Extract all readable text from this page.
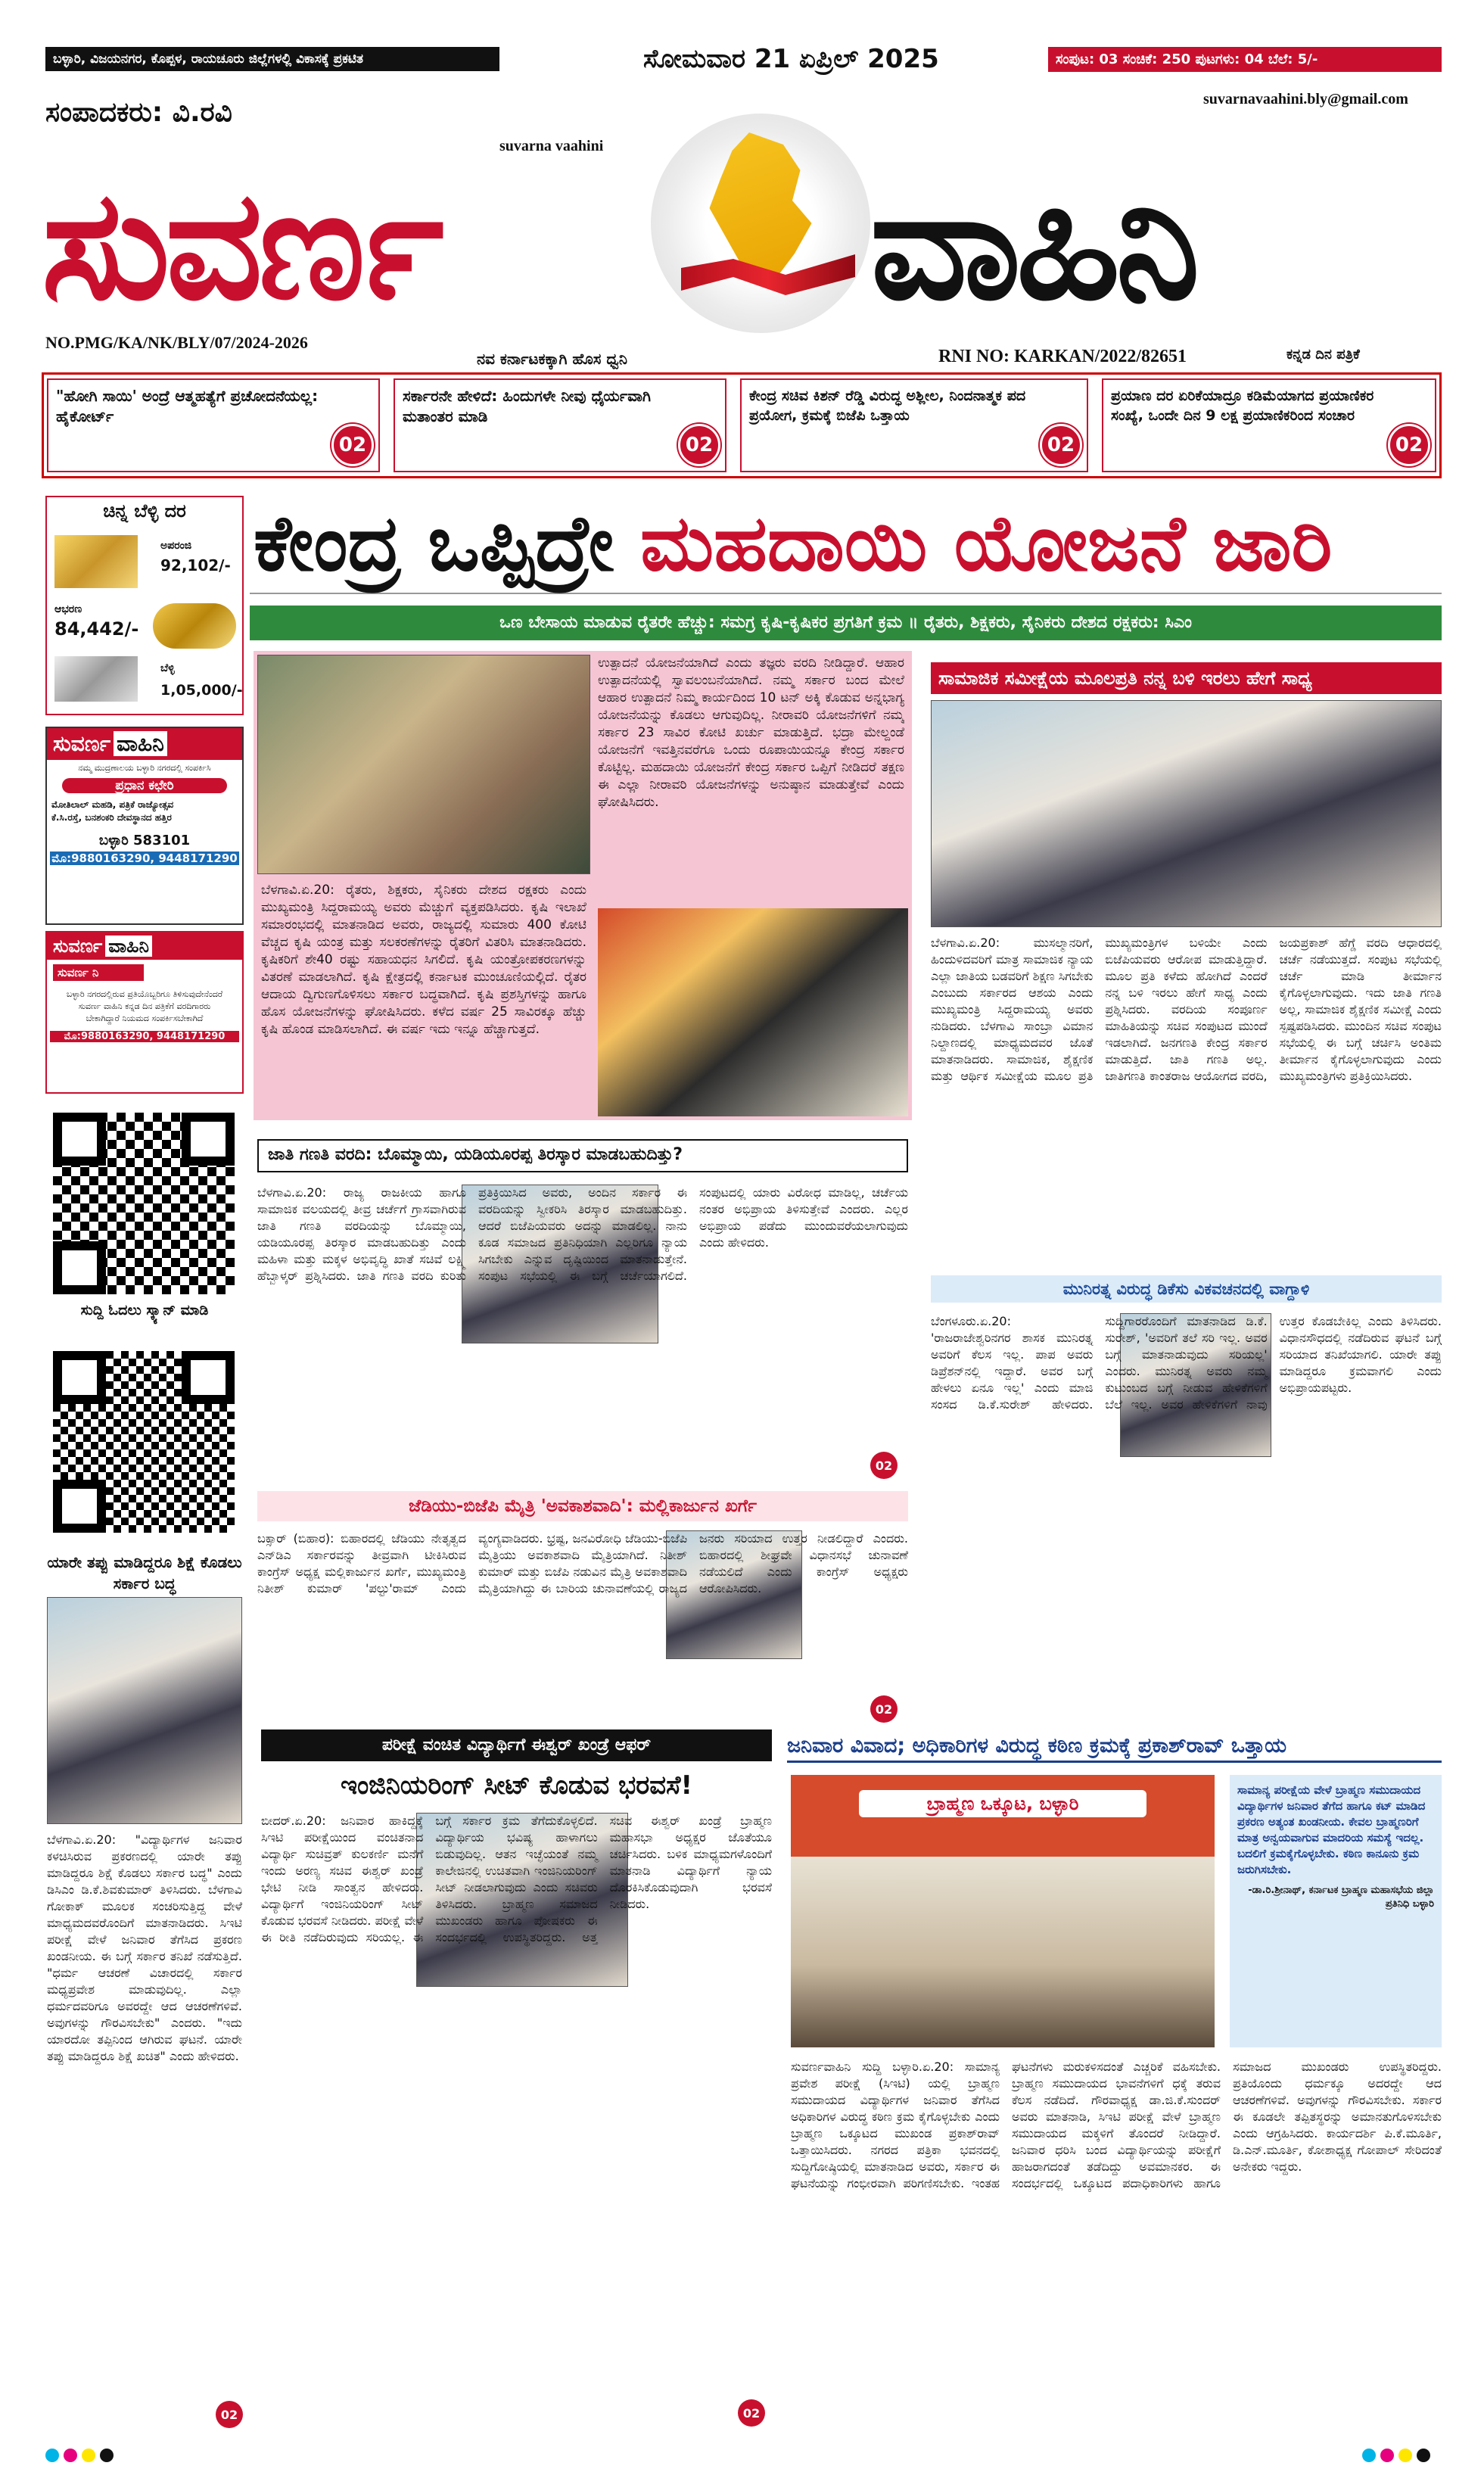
ಬಳ್ಳಾರಿ, ವಿಜಯನಗರ, ಕೊಪ್ಪಳ, ರಾಯಚೂರು ಜಿಲ್ಲೆಗಳಲ್ಲಿ ವಿಕಾಸಕ್ಕೆ ಪ್ರಕಟಿತ	ಸೋಮವಾರ 21 ಏಪ್ರಿಲ್ 2025	ಸಂಪುಟ: 03 ಸಂಚಿಕೆ: 250 ಪುಟಗಳು: 04 ಬೆಲೆ: 5/-
ಸಂಪಾದಕರು: ವಿ.ರವಿ	suvarnavaahini.bly@gmail.com
suvarna vaahini
ಸುವರ್ಣ	ವಾಹಿನಿ
ಕನ್ನಡ ದಿನ ಪತ್ರಿಕೆ
NO.PMG/KA/NK/BLY/07/2024-2026
ನವ ಕರ್ನಾಟಕಕ್ಕಾಗಿ ಹೊಸ ಧ್ವನಿ	RNI NO: KARKAN/2022/82651
"ಹೋಗಿ ಸಾಯಿ' ಅಂದ್ರೆ ಆತ್ಮಹತ್ಯೆಗೆ ಪ್ರಚೋದನೆಯಲ್ಲ: ಹೈಕೋರ್ಟ್
02
ಸರ್ಕಾರನೇ ಹೇಳಿದೆ: ಹಿಂದುಗಳೇ ನೀವು ಧೈರ್ಯವಾಗಿ ಮತಾಂತರ ಮಾಡಿ
02
ಕೇಂದ್ರ ಸಚಿವ ಕಿಶನ್ ರೆಡ್ಡಿ ವಿರುದ್ಧ ಅಶ್ಲೀಲ, ನಿಂದನಾತ್ಮಕ ಪದ ಪ್ರಯೋಗ, ಕ್ರಮಕ್ಕೆ ಬಿಜೆಪಿ ಒತ್ತಾಯ
02
ಪ್ರಯಾಣ ದರ ಏರಿಕೆಯಾದ್ರೂ ಕಡಿಮೆಯಾಗದ ಪ್ರಯಾಣಿಕರ ಸಂಖ್ಯೆ, ಒಂದೇ ದಿನ 9 ಲಕ್ಷ ಪ್ರಯಾಣಿಕರಿಂದ ಸಂಚಾರ
02
ಚಿನ್ನ ಬೆಳ್ಳಿ ದರ
ಅಪರಂಜಿ
92,102/-
ಆಭರಣ
84,442/-
ಬೆಳ್ಳಿ
1,05,000/-
ಸುವರ್ಣ ವಾಹಿನಿ
ನಮ್ಮ ಮುದ್ರಣಾಲಯ ಬಳ್ಳಾರಿ ನಗರದಲ್ಲಿ ಸಂಪರ್ಕಿಸಿ
ಪ್ರಧಾನ ಕಛೇರಿ
ಮೋತಿಲಾಲ್ ಮಹಡಿ, ಪತ್ರಿಕೆ ರಾಜ್ಯೋತ್ಸವ
ಕೆ.ಸಿ.ರಸ್ತೆ, ಬನಶಂಕರಿ ದೇವಸ್ಥಾನದ ಹತ್ತಿರ
ಬಳ್ಳಾರಿ 583101
ಮೊ:9880163290, 9448171290
ಸುವರ್ಣ ವಾಹಿನಿ
ಸುವರ್ಣ ನಿ
ಬಳ್ಳಾರಿ ನಗರದಲ್ಲಿರುವ ಪ್ರತಿಯೊಬ್ಬರಿಗೂ ತಿಳಿಸುವುದೇನೆಂದರೆ ಸುವರ್ಣ ವಾಹಿನಿ ಕನ್ನಡ ದಿನ ಪತ್ರಿಕೆಗೆ ವರದಿಗಾರರು ಬೇಕಾಗಿದ್ದಾರೆ ನಿಯಮದ ಸಂಪರ್ಕಿಸಬೇಕಾಗಿದೆ
ಮೊ:9880163290, 9448171290
ಸುದ್ದಿ ಓದಲು ಸ್ಕ್ಯಾನ್ ಮಾಡಿ
ಯಾರೇ ತಪ್ಪು ಮಾಡಿದ್ದರೂ ಶಿಕ್ಷೆ ಕೊಡಲು ಸರ್ಕಾರ ಬದ್ಧ
ಬೆಳಗಾವಿ.ಏ.20: "ವಿದ್ಯಾರ್ಥಿಗಳ ಜನಿವಾರ ಕಳಚಿಸಿರುವ ಪ್ರಕರಣದಲ್ಲಿ ಯಾರೇ ತಪ್ಪು ಮಾಡಿದ್ದರೂ ಶಿಕ್ಷೆ ಕೊಡಲು ಸರ್ಕಾರ ಬದ್ಧ" ಎಂದು ಡಿಸಿಎಂ ಡಿ.ಕೆ.ಶಿವಕುಮಾರ್ ತಿಳಿಸಿದರು. ಬೆಳಗಾವಿ ಗೋಕಾಕ್ ಮೂಲಕ ಸಂಚರಿಸುತ್ತಿದ್ದ ವೇಳೆ ಮಾಧ್ಯಮದವರೊಂದಿಗೆ ಮಾತನಾಡಿದರು. ಸಿಇಟಿ ಪರೀಕ್ಷೆ ವೇಳೆ ಜನಿವಾರ ತೆಗೆಸಿದ ಪ್ರಕರಣ ಖಂಡನೀಯ. ಈ ಬಗ್ಗೆ ಸರ್ಕಾರ ತನಿಖೆ ನಡೆಸುತ್ತಿದೆ. "ಧರ್ಮ ಆಚರಣೆ ವಿಚಾರದಲ್ಲಿ ಸರ್ಕಾರ ಮಧ್ಯಪ್ರವೇಶ ಮಾಡುವುದಿಲ್ಲ. ಎಲ್ಲಾ ಧರ್ಮದವರಿಗೂ ಅವರದ್ದೇ ಆದ ಆಚರಣೆಗಳಿವೆ. ಅವುಗಳನ್ನು ಗೌರವಿಸಬೇಕು" ಎಂದರು. "ಇದು ಯಾರದೋ ತಪ್ಪಿನಿಂದ ಆಗಿರುವ ಘಟನೆ. ಯಾರೇ ತಪ್ಪು ಮಾಡಿದ್ದರೂ ಶಿಕ್ಷೆ ಖಚಿತ" ಎಂದು ಹೇಳಿದರು.
02
ಕೇಂದ್ರ ಒಪ್ಪಿದ್ರೇ ಮಹದಾಯಿ ಯೋಜನೆ ಜಾರಿ
ಒಣ ಬೇಸಾಯ ಮಾಡುವ ರೈತರೇ ಹೆಚ್ಚು: ಸಮಗ್ರ ಕೃಷಿ-ಕೃಷಿಕರ ಪ್ರಗತಿಗೆ ಕ್ರಮ ॥ ರೈತರು, ಶಿಕ್ಷಕರು, ಸೈನಿಕರು ದೇಶದ ರಕ್ಷಕರು: ಸಿಎಂ
ಬೆಳಗಾವಿ.ಏ.20: ರೈತರು, ಶಿಕ್ಷಕರು, ಸೈನಿಕರು ದೇಶದ ರಕ್ಷಕರು ಎಂದು ಮುಖ್ಯಮಂತ್ರಿ ಸಿದ್ದರಾಮಯ್ಯ ಅವರು ಮೆಚ್ಚುಗೆ ವ್ಯಕ್ತಪಡಿಸಿದರು. ಕೃಷಿ ಇಲಾಖೆ ಸಮಾರಂಭದಲ್ಲಿ ಮಾತನಾಡಿದ ಅವರು, ರಾಜ್ಯದಲ್ಲಿ ಸುಮಾರು 400 ಕೋಟಿ ವೆಚ್ಚದ ಕೃಷಿ ಯಂತ್ರ ಮತ್ತು ಸಲಕರಣೆಗಳನ್ನು ರೈತರಿಗೆ ವಿತರಿಸಿ ಮಾತನಾಡಿದರು. ಕೃಷಿಕರಿಗೆ ಶೇ40 ರಷ್ಟು ಸಹಾಯಧನ ಸಿಗಲಿದೆ. ಕೃಷಿ ಯಂತ್ರೋಪಕರಣಗಳನ್ನು ವಿತರಣೆ ಮಾಡಲಾಗಿದೆ. ಕೃಷಿ ಕ್ಷೇತ್ರದಲ್ಲಿ ಕರ್ನಾಟಕ ಮುಂಚೂಣಿಯಲ್ಲಿದೆ. ರೈತರ ಆದಾಯ ದ್ವಿಗುಣಗೊಳಿಸಲು ಸರ್ಕಾರ ಬದ್ಧವಾಗಿದೆ. ಕೃಷಿ ಪ್ರಶಸ್ತಿಗಳನ್ನು ಹಾಗೂ ಹೊಸ ಯೋಜನೆಗಳನ್ನು ಘೋಷಿಸಿದರು. ಕಳೆದ ವರ್ಷ 25 ಸಾವಿರಕ್ಕೂ ಹೆಚ್ಚು ಕೃಷಿ ಹೊಂಡ ಮಾಡಿಸಲಾಗಿದೆ. ಈ ವರ್ಷ ಇದು ಇನ್ನೂ ಹೆಚ್ಚಾಗುತ್ತದೆ.
ಉತ್ಪಾದನೆ ಯೋಜನೆಯಾಗಿದೆ ಎಂದು ತಜ್ಞರು ವರದಿ ನೀಡಿದ್ದಾರೆ. ಆಹಾರ ಉತ್ಪಾದನೆಯಲ್ಲಿ ಸ್ವಾವಲಂಬನೆಯಾಗಿದೆ. ನಮ್ಮ ಸರ್ಕಾರ ಬಂದ ಮೇಲೆ ಆಹಾರ ಉತ್ಪಾದನೆ ನಿಮ್ಮ ಕಾರ್ಯದಿಂದ 10 ಟನ್ ಅಕ್ಕಿ ಕೊಡುವ ಅನ್ನಭಾಗ್ಯ ಯೋಜನೆಯನ್ನು ಕೊಡಲು ಆಗುವುದಿಲ್ಲ. ನೀರಾವರಿ ಯೋಜನೆಗಳಿಗೆ ನಮ್ಮ ಸರ್ಕಾರ 23 ಸಾವಿರ ಕೋಟಿ ಖರ್ಚು ಮಾಡುತ್ತಿದೆ. ಭದ್ರಾ ಮೇಲ್ದಂಡೆ ಯೋಜನೆಗೆ ಇವತ್ತಿನವರೆಗೂ ಒಂದು ರೂಪಾಯಿಯನ್ನೂ ಕೇಂದ್ರ ಸರ್ಕಾರ ಕೊಟ್ಟಿಲ್ಲ. ಮಹದಾಯಿ ಯೋಜನೆಗೆ ಕೇಂದ್ರ ಸರ್ಕಾರ ಒಪ್ಪಿಗೆ ನೀಡಿದರೆ ತಕ್ಷಣ ಈ ಎಲ್ಲಾ ನೀರಾವರಿ ಯೋಜನೆಗಳನ್ನು ಅನುಷ್ಠಾನ ಮಾಡುತ್ತೇವೆ ಎಂದು ಘೋಷಿಸಿದರು.
ಸಾಮಾಜಿಕ ಸಮೀಕ್ಷೆಯ ಮೂಲಪ್ರತಿ ನನ್ನ ಬಳಿ ಇರಲು ಹೇಗೆ ಸಾಧ್ಯ
ಬೆಳಗಾವಿ.ಏ.20: ಮುಸಲ್ಮಾನರಿಗೆ, ಹಿಂದುಳಿದವರಿಗೆ ಮಾತ್ರ ಸಾಮಾಜಿಕ ನ್ಯಾಯ ಎಲ್ಲಾ ಜಾತಿಯ ಬಡವರಿಗೆ ಶಿಕ್ಷಣ ಸಿಗಬೇಕು ಎಂಬುದು ಸರ್ಕಾರದ ಆಶಯ ಎಂದು ಮುಖ್ಯಮಂತ್ರಿ ಸಿದ್ದರಾಮಯ್ಯ ಅವರು ನುಡಿದರು. ಬೆಳಗಾವಿ ಸಾಂಬ್ರಾ ವಿಮಾನ ನಿಲ್ದಾಣದಲ್ಲಿ ಮಾಧ್ಯಮದವರ ಜೊತೆ ಮಾತನಾಡಿದರು. ಸಾಮಾಜಿಕ, ಶೈಕ್ಷಣಿಕ ಮತ್ತು ಆರ್ಥಿಕ ಸಮೀಕ್ಷೆಯ ಮೂಲ ಪ್ರತಿ ಮುಖ್ಯಮಂತ್ರಿಗಳ ಬಳಿಯೇ ಎಂದು ಬಿಜೆಪಿಯವರು ಆರೋಪ ಮಾಡುತ್ತಿದ್ದಾರೆ. ಮೂಲ ಪ್ರತಿ ಕಳೆದು ಹೋಗಿದೆ ಎಂದರೆ ನನ್ನ ಬಳಿ ಇರಲು ಹೇಗೆ ಸಾಧ್ಯ ಎಂದು ಪ್ರಶ್ನಿಸಿದರು. ವರದಿಯ ಸಂಪೂರ್ಣ ಮಾಹಿತಿಯನ್ನು ಸಚಿವ ಸಂಪುಟದ ಮುಂದೆ ಇಡಲಾಗಿದೆ. ಜನಗಣತಿ ಕೇಂದ್ರ ಸರ್ಕಾರ ಮಾಡುತ್ತಿದೆ. ಜಾತಿ ಗಣತಿ ಅಲ್ಲ. ಜಾತಿಗಣತಿ ಕಾಂತರಾಜ ಆಯೋಗದ ವರದಿ, ಜಯಪ್ರಕಾಶ್ ಹೆಗ್ಡೆ ವರದಿ ಆಧಾರದಲ್ಲಿ ಚರ್ಚೆ ನಡೆಯುತ್ತದೆ. ಸಂಪುಟ ಸಭೆಯಲ್ಲಿ ಚರ್ಚೆ ಮಾಡಿ ತೀರ್ಮಾನ ಕೈಗೊಳ್ಳಲಾಗುವುದು. ಇದು ಜಾತಿ ಗಣತಿ ಅಲ್ಲ, ಸಾಮಾಜಿಕ ಶೈಕ್ಷಣಿಕ ಸಮೀಕ್ಷೆ ಎಂದು ಸ್ಪಷ್ಟಪಡಿಸಿದರು. ಮುಂದಿನ ಸಚಿವ ಸಂಪುಟ ಸಭೆಯಲ್ಲಿ ಈ ಬಗ್ಗೆ ಚರ್ಚಿಸಿ ಅಂತಿಮ ತೀರ್ಮಾನ ಕೈಗೊಳ್ಳಲಾಗುವುದು ಎಂದು ಮುಖ್ಯಮಂತ್ರಿಗಳು ಪ್ರತಿಕ್ರಿಯಿಸಿದರು.
ಜಾತಿ ಗಣತಿ ವರದಿ: ಬೊಮ್ಮಾಯಿ, ಯಡಿಯೂರಪ್ಪ ತಿರಸ್ಕಾರ ಮಾಡಬಹುದಿತ್ತು?
ಬೆಳಗಾವಿ.ಏ.20: ರಾಜ್ಯ ರಾಜಕೀಯ ಹಾಗೂ ಸಾಮಾಜಿಕ ವಲಯದಲ್ಲಿ ತೀವ್ರ ಚರ್ಚೆಗೆ ಗ್ರಾಸವಾಗಿರುವ ಜಾತಿ ಗಣತಿ ವರದಿಯನ್ನು ಬೊಮ್ಮಾಯಿ, ಯಡಿಯೂರಪ್ಪ ತಿರಸ್ಕಾರ ಮಾಡಬಹುದಿತ್ತು ಎಂದು ಮಹಿಳಾ ಮತ್ತು ಮಕ್ಕಳ ಅಭಿವೃದ್ಧಿ ಖಾತೆ ಸಚಿವೆ ಲಕ್ಷ್ಮಿ ಹೆಬ್ಬಾಳ್ಕರ್ ಪ್ರಶ್ನಿಸಿದರು. ಜಾತಿ ಗಣತಿ ವರದಿ ಕುರಿತು ಪ್ರತಿಕ್ರಿಯಿಸಿದ ಅವರು, ಅಂದಿನ ಸರ್ಕಾರ ಈ ವರದಿಯನ್ನು ಸ್ವೀಕರಿಸಿ ತಿರಸ್ಕಾರ ಮಾಡಬಹುದಿತ್ತು. ಆದರೆ ಬಿಜೆಪಿಯವರು ಅದನ್ನು ಮಾಡಲಿಲ್ಲ. ನಾನು ಕೂಡ ಸಮಾಜದ ಪ್ರತಿನಿಧಿಯಾಗಿ ಎಲ್ಲರಿಗೂ ನ್ಯಾಯ ಸಿಗಬೇಕು ಎನ್ನುವ ದೃಷ್ಟಿಯಿಂದ ಮಾತನಾಡುತ್ತೇನೆ. ಸಂಪುಟ ಸಭೆಯಲ್ಲಿ ಈ ಬಗ್ಗೆ ಚರ್ಚೆಯಾಗಲಿದೆ. ಸಂಪುಟದಲ್ಲಿ ಯಾರು ವಿರೋಧ ಮಾಡಿಲ್ಲ, ಚರ್ಚೆಯ ನಂತರ ಅಭಿಪ್ರಾಯ ತಿಳಿಸುತ್ತೇವೆ ಎಂದರು. ಎಲ್ಲರ ಅಭಿಪ್ರಾಯ ಪಡೆದು ಮುಂದುವರೆಯಲಾಗುವುದು ಎಂದು ಹೇಳಿದರು.
02
ಜೆಡಿಯು-ಬಿಜೆಪಿ ಮೈತ್ರಿ 'ಅವಕಾಶವಾದಿ': ಮಲ್ಲಿಕಾರ್ಜುನ ಖರ್ಗೆ
ಬಕ್ಸಾರ್ (ಬಿಹಾರ): ಬಿಹಾರದಲ್ಲಿ ಜೆಡಿಯು ನೇತೃತ್ವದ ಎನ್‌ಡಿಎ ಸರ್ಕಾರವನ್ನು ತೀವ್ರವಾಗಿ ಟೀಕಿಸಿರುವ ಕಾಂಗ್ರೆಸ್ ಅಧ್ಯಕ್ಷ ಮಲ್ಲಿಕಾರ್ಜುನ ಖರ್ಗೆ, ಮುಖ್ಯಮಂತ್ರಿ ನಿತೀಶ್ ಕುಮಾರ್ 'ಪಲ್ಟು'ರಾಮ್ ಎಂದು ವ್ಯಂಗ್ಯವಾಡಿದರು. ಭ್ರಷ್ಟ, ಜನವಿರೋಧಿ ಜೆಡಿಯು-ಬಿಜೆಪಿ ಮೈತ್ರಿಯು ಅವಕಾಶವಾದಿ ಮೈತ್ರಿಯಾಗಿದೆ. ನಿತೀಶ್ ಕುಮಾರ್ ಮತ್ತು ಬಿಜೆಪಿ ನಡುವಿನ ಮೈತ್ರಿ ಅವಕಾಶವಾದಿ ಮೈತ್ರಿಯಾಗಿದ್ದು ಈ ಬಾರಿಯ ಚುನಾವಣೆಯಲ್ಲಿ ರಾಜ್ಯದ ಜನರು ಸರಿಯಾದ ಉತ್ತರ ನೀಡಲಿದ್ದಾರೆ ಎಂದರು. ಬಿಹಾರದಲ್ಲಿ ಶೀಘ್ರವೇ ವಿಧಾನಸಭೆ ಚುನಾವಣೆ ನಡೆಯಲಿದೆ ಎಂದು ಕಾಂಗ್ರೆಸ್ ಅಧ್ಯಕ್ಷರು ಆರೋಪಿಸಿದರು.
02
ಮುನಿರತ್ನ ವಿರುದ್ಧ ಡಿಕೆಸು ವಿಕವಚನದಲ್ಲಿ ವಾಗ್ದಾಳಿ
ಬೆಂಗಳೂರು.ಏ.20: 'ರಾಜರಾಜೇಶ್ವರಿನಗರ ಶಾಸಕ ಮುನಿರತ್ನ ಅವರಿಗೆ ಕೆಲಸ ಇಲ್ಲ. ಪಾಪ ಅವರು ಡಿಪ್ರೆಶನ್‌ನಲ್ಲಿ ಇದ್ದಾರೆ. ಅವರ ಬಗ್ಗೆ ಹೇಳಲು ಏನೂ ಇಲ್ಲ' ಎಂದು ಮಾಜಿ ಸಂಸದ ಡಿ.ಕೆ.ಸುರೇಶ್ ಹೇಳಿದರು. ಸುದ್ದಿಗಾರರೊಂದಿಗೆ ಮಾತನಾಡಿದ ಡಿ.ಕೆ. ಸುರೇಶ್, 'ಅವರಿಗೆ ತಲೆ ಸರಿ ಇಲ್ಲ. ಅವರ ಬಗ್ಗೆ ಮಾತನಾಡುವುದು ಸರಿಯಲ್ಲ' ಎಂದರು. ಮುನಿರತ್ನ ಅವರು ನಮ್ಮ ಕುಟುಂಬದ ಬಗ್ಗೆ ನೀಡುವ ಹೇಳಿಕೆಗಳಿಗೆ ಬೆಲೆ ಇಲ್ಲ. ಅವರ ಹೇಳಿಕೆಗಳಿಗೆ ನಾವು ಉತ್ತರ ಕೊಡಬೇಕಿಲ್ಲ ಎಂದು ತಿಳಿಸಿದರು. ವಿಧಾನಸೌಧದಲ್ಲಿ ನಡೆದಿರುವ ಘಟನೆ ಬಗ್ಗೆ ಸರಿಯಾದ ತನಿಖೆಯಾಗಲಿ. ಯಾರೇ ತಪ್ಪು ಮಾಡಿದ್ದರೂ ಕ್ರಮವಾಗಲಿ ಎಂದು ಅಭಿಪ್ರಾಯಪಟ್ಟರು.
ಪರೀಕ್ಷೆ ವಂಚಿತ ವಿದ್ಯಾರ್ಥಿಗೆ ಈಶ್ವರ್ ಖಂಡ್ರೆ ಆಫರ್
ಇಂಜಿನಿಯರಿಂಗ್ ಸೀಟ್ ಕೊಡುವ ಭರವಸೆ!
ಬೀದರ್.ಏ.20: ಜನಿವಾರ ಹಾಕಿದ್ದಕ್ಕೆ ಸಿಇಟಿ ಪರೀಕ್ಷೆಯಿಂದ ವಂಚಿತನಾದ ವಿದ್ಯಾರ್ಥಿ ಸುಚಿವ್ರತ್ ಕುಲಕರ್ಣಿ ಮನೆಗೆ ಇಂದು ಅರಣ್ಯ ಸಚಿವ ಈಶ್ವರ್ ಖಂಡ್ರೆ ಭೇಟಿ ನೀಡಿ ಸಾಂತ್ವನ ಹೇಳಿದರು. ವಿದ್ಯಾರ್ಥಿಗೆ ಇಂಜಿನಿಯರಿಂಗ್ ಸೀಟ್ ಕೊಡುವ ಭರವಸೆ ನೀಡಿದರು. ಪರೀಕ್ಷೆ ವೇಳೆ ಈ ರೀತಿ ನಡೆದಿರುವುದು ಸರಿಯಲ್ಲ. ಈ ಬಗ್ಗೆ ಸರ್ಕಾರ ಕ್ರಮ ತೆಗೆದುಕೊಳ್ಳಲಿದೆ. ವಿದ್ಯಾರ್ಥಿಯ ಭವಿಷ್ಯ ಹಾಳಾಗಲು ಬಿಡುವುದಿಲ್ಲ. ಆತನ ಇಚ್ಛೆಯಂತೆ ನಮ್ಮ ಕಾಲೇಜಿನಲ್ಲಿ ಉಚಿತವಾಗಿ ಇಂಜಿನಿಯರಿಂಗ್ ಸೀಟ್ ನೀಡಲಾಗುವುದು ಎಂದು ಸಚಿವರು ತಿಳಿಸಿದರು. ಬ್ರಾಹ್ಮಣ ಸಮಾಜದ ಮುಖಂಡರು ಹಾಗೂ ಪೋಷಕರು ಈ ಸಂದರ್ಭದಲ್ಲಿ ಉಪಸ್ಥಿತರಿದ್ದರು. ಅತ್ತ ಸಚಿವ ಈಶ್ವರ್ ಖಂಡ್ರೆ ಬ್ರಾಹ್ಮಣ ಮಹಾಸಭಾ ಅಧ್ಯಕ್ಷರ ಜೊತೆಯೂ ಚರ್ಚಿಸಿದರು. ಬಳಿಕ ಮಾಧ್ಯಮಗಳೊಂದಿಗೆ ಮಾತನಾಡಿ ವಿದ್ಯಾರ್ಥಿಗೆ ನ್ಯಾಯ ದೊರಕಿಸಿಕೊಡುವುದಾಗಿ ಭರವಸೆ ನೀಡಿದರು.
02
ಜನಿವಾರ ವಿವಾದ; ಅಧಿಕಾರಿಗಳ ವಿರುದ್ಧ ಕಠಿಣ ಕ್ರಮಕ್ಕೆ ಪ್ರಕಾಶ್‌ರಾವ್ ಒತ್ತಾಯ
ಬ್ರಾಹ್ಮಣ ಒಕ್ಕೂಟ, ಬಳ್ಳಾರಿ
ಸಾಮಾನ್ಯ ಪರೀಕ್ಷೆಯ ವೇಳೆ ಬ್ರಾಹ್ಮಣ ಸಮುದಾಯದ ವಿದ್ಯಾರ್ಥಿಗಳ ಜನಿವಾರ ತೆಗೆದ ಹಾಗೂ ಕಟ್ ಮಾಡಿದ ಪ್ರಕರಣ ಅತ್ಯಂತ ಖಂಡನೀಯ. ಕೇವಲ ಬ್ರಾಹ್ಮಣರಿಗೆ ಮಾತ್ರ ಅನ್ವಯವಾಗುವ ಮಾದರಿಯ ಸಮಸ್ಯೆ ಇದಲ್ಲ. ಬದಲಿಗೆ ಕ್ರಮಕೈಗೊಳ್ಳಬೇಕು. ಕಠಿಣ ಕಾನೂನು ಕ್ರಮ ಜರುಗಿಸಬೇಕು.
-ಡಾ.ರಿ.ಶ್ರೀನಾಥ್, ಕರ್ನಾಟಕ ಬ್ರಾಹ್ಮಣ ಮಹಾಸಭೆಯ ಜಿಲ್ಲಾ ಪ್ರತಿನಿಧಿ ಬಳ್ಳಾರಿ
ಸುವರ್ಣವಾಹಿನಿ ಸುದ್ದಿ ಬಳ್ಳಾರಿ.ಏ.20: ಸಾಮಾನ್ಯ ಪ್ರವೇಶ ಪರೀಕ್ಷೆ (ಸಿಇಟಿ) ಯಲ್ಲಿ ಬ್ರಾಹ್ಮಣ ಸಮುದಾಯದ ವಿದ್ಯಾರ್ಥಿಗಳ ಜನಿವಾರ ತೆಗೆಸಿದ ಅಧಿಕಾರಿಗಳ ವಿರುದ್ಧ ಕಠಿಣ ಕ್ರಮ ಕೈಗೊಳ್ಳಬೇಕು ಎಂದು ಬ್ರಾಹ್ಮಣ ಒಕ್ಕೂಟದ ಮುಖಂಡ ಪ್ರಕಾಶ್‌ರಾವ್ ಒತ್ತಾಯಿಸಿದರು. ನಗರದ ಪತ್ರಿಕಾ ಭವನದಲ್ಲಿ ಸುದ್ದಿಗೋಷ್ಠಿಯಲ್ಲಿ ಮಾತನಾಡಿದ ಅವರು, ಸರ್ಕಾರ ಈ ಘಟನೆಯನ್ನು ಗಂಭೀರವಾಗಿ ಪರಿಗಣಿಸಬೇಕು. ಇಂತಹ ಘಟನೆಗಳು ಮರುಕಳಿಸದಂತೆ ಎಚ್ಚರಿಕೆ ವಹಿಸಬೇಕು. ಬ್ರಾಹ್ಮಣ ಸಮುದಾಯದ ಭಾವನೆಗಳಿಗೆ ಧಕ್ಕೆ ತರುವ ಕೆಲಸ ನಡೆದಿದೆ. ಗೌರವಾಧ್ಯಕ್ಷ ಡಾ.ಜಿ.ಕೆ.ಸುಂದರ್ ಅವರು ಮಾತನಾಡಿ, ಸಿಇಟಿ ಪರೀಕ್ಷೆ ವೇಳೆ ಬ್ರಾಹ್ಮಣ ಸಮುದಾಯದ ಮಕ್ಕಳಿಗೆ ತೊಂದರೆ ನೀಡಿದ್ದಾರೆ. ಜನಿವಾರ ಧರಿಸಿ ಬಂದ ವಿದ್ಯಾರ್ಥಿಯನ್ನು ಪರೀಕ್ಷೆಗೆ ಹಾಜರಾಗದಂತೆ ತಡೆದಿದ್ದು ಅವಮಾನಕರ. ಈ ಸಂದರ್ಭದಲ್ಲಿ ಒಕ್ಕೂಟದ ಪದಾಧಿಕಾರಿಗಳು ಹಾಗೂ ಸಮಾಜದ ಮುಖಂಡರು ಉಪಸ್ಥಿತರಿದ್ದರು. ಪ್ರತಿಯೊಂದು ಧರ್ಮಕ್ಕೂ ಅದರದ್ದೇ ಆದ ಆಚರಣೆಗಳಿವೆ. ಅವುಗಳನ್ನು ಗೌರವಿಸಬೇಕು. ಸರ್ಕಾರ ಈ ಕೂಡಲೇ ತಪ್ಪಿತಸ್ಥರನ್ನು ಅಮಾನತುಗೊಳಿಸಬೇಕು ಎಂದು ಆಗ್ರಹಿಸಿದರು. ಕಾರ್ಯದರ್ಶಿ ಪಿ.ಕೆ.ಮೂರ್ತಿ, ಡಿ.ಎನ್.ಮೂರ್ತಿ, ಕೋಶಾಧ್ಯಕ್ಷ ಗೋಪಾಲ್ ಸೇರಿದಂತೆ ಅನೇಕರು ಇದ್ದರು.
